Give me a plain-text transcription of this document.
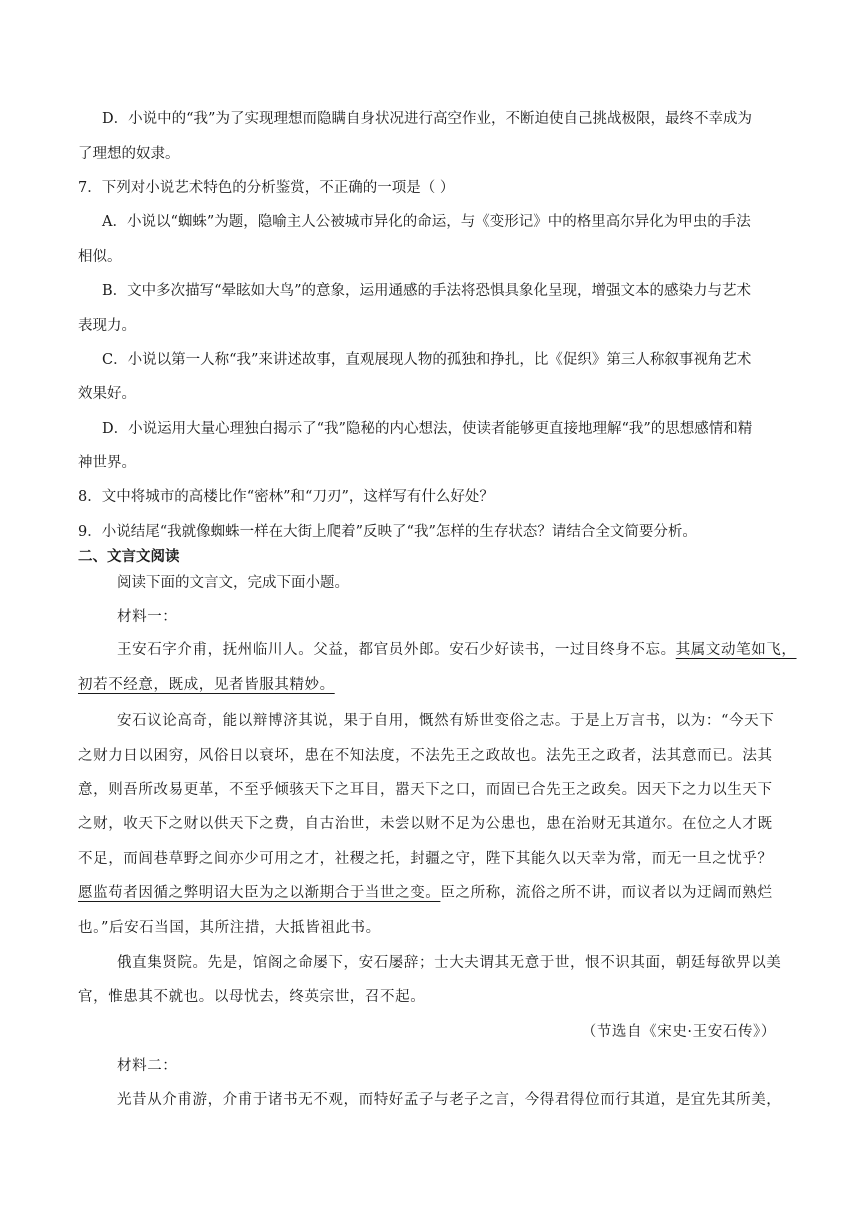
D．小说中的“我”为了实现理想而隐瞒自身状况进行高空作业，不断迫使自己挑战极限，最终不幸成为
了理想的奴隶。
7．下列对小说艺术特色的分析鉴赏，不正确的一项是（ ）
A．小说以“蜘蛛”为题，隐喻主人公被城市异化的命运，与《变形记》中的格里高尔异化为甲虫的手法
相似。
B．文中多次描写“晕眩如大鸟”的意象，运用通感的手法将恐惧具象化呈现，增强文本的感染力与艺术
表现力。
C．小说以第一人称“我”来讲述故事，直观展现人物的孤独和挣扎，比《促织》第三人称叙事视角艺术
效果好。
D．小说运用大量心理独白揭示了“我”隐秘的内心想法，使读者能够更直接地理解“我”的思想感情和精
神世界。
8．文中将城市的高楼比作“密林”和“刀刃”，这样写有什么好处？
9．小说结尾“我就像蜘蛛一样在大街上爬着”反映了“我”怎样的生存状态？请结合全文简要分析。
二、文言文阅读
阅读下面的文言文，完成下面小题。
材料一：
王安石字介甫，抚州临川人。父益，都官员外郎。安石少好读书，一过目终身不忘。其属文动笔如飞，
初若不经意，既成，见者皆服其精妙。
安石议论高奇，能以辩博济其说，果于自用，慨然有矫世变俗之志。于是上万言书，以为：“今天下
之财力日以困穷，风俗日以衰坏，患在不知法度，不法先王之政故也。法先王之政者，法其意而已。法其
意，则吾所改易更革，不至乎倾骇天下之耳目，嚣天下之口，而固已合先王之政矣。因天下之力以生天下
之财，收天下之财以供天下之费，自古治世，未尝以财不足为公患也，患在治财无其道尔。在位之人才既
不足，而闾巷草野之间亦少可用之才，社稷之托，封疆之守，陛下其能久以天幸为常，而无一旦之忧乎？
愿监苟者因循之弊明诏大臣为之以渐期合于当世之变。臣之所称，流俗之所不讲，而议者以为迂阔而熟烂
也。”后安石当国，其所注措，大抵皆祖此书。
俄直集贤院。先是，馆阁之命屡下，安石屡辞；士大夫谓其无意于世，恨不识其面，朝廷每欲畀以美
官，惟患其不就也。以母忧去，终英宗世，召不起。
（节选自《宋史·王安石传》）
材料二：
光昔从介甫游，介甫于诸书无不观，而特好孟子与老子之言，今得君得位而行其道，是宜先其所美，
